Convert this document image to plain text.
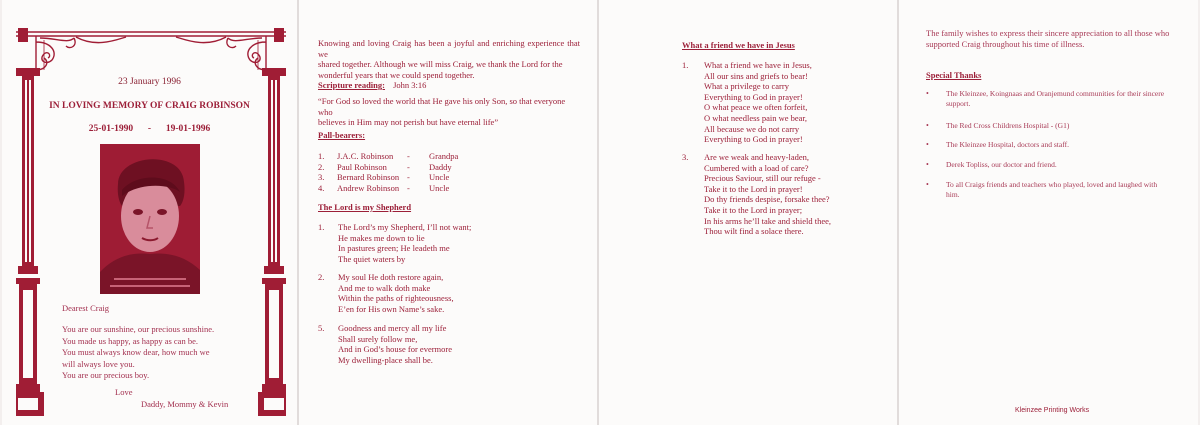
23 January 1996
IN LOVING MEMORY OF CRAIG ROBINSON
25-01-1990 - 19-01-1996
Dearest Craig
You are our sunshine, our precious sunshine.
You made us happy, as happy as can be.
You must always know dear, how much we
will always love you.
You are our precious boy.
Love
Daddy, Mommy & Kevin
Knowing and loving Craig has been a joyful and enriching experience that we
shared together. Although we will miss Craig, we thank the Lord for the
wonderful years that we could spend together.
Scripture reading: John 3:16
“For God so loved the world that He gave his only Son, so that everyone who
believes in Him may not perish but have eternal life”
Pall-bearers:
1.	J.A.C. Robinson	-	Grandpa
2.	Paul Robinson	-	Daddy
3.	Bernard Robinson	-	Uncle
4.	Andrew Robinson	-	Uncle
The Lord is my Shepherd
1.	The Lord’s my Shepherd, I’ll not want;
He makes me down to lie
In pastures green; He leadeth me
The quiet waters by
2.	My soul He doth restore again,
And me to walk doth make
Within the paths of righteousness,
E’en for His own Name’s sake.
5.	Goodness and mercy all my life
Shall surely follow me,
And in God’s house for evermore
My dwelling-place shall be.
What a friend we have in Jesus
1.	What a friend we have in Jesus,
All our sins and griefs to bear!
What a privilege to carry
Everything to God in prayer!
O what peace we often forfeit,
O what needless pain we bear,
All because we do not carry
Everything to God in prayer!
3.	Are we weak and heavy-laden,
Cumbered with a load of care?
Precious Saviour, still our refuge -
Take it to the Lord in prayer!
Do thy friends despise, forsake thee?
Take it to the Lord in prayer;
In his arms he’ll take and shield thee,
Thou wilt find a solace there.
The family wishes to express their sincere appreciation to all those who
supported Craig throughout his time of illness.
Special Thanks
•	The Kleinzee, Koingnaas and Oranjemund communities for their sincere
support.
•	The Red Cross Childrens Hospital - (G1)
•	The Kleinzee Hospital, doctors and staff.
•	Derek Topliss, our doctor and friend.
•	To all Craigs friends and teachers who played, loved and laughed with
him.
Kleinzee Printing Works
